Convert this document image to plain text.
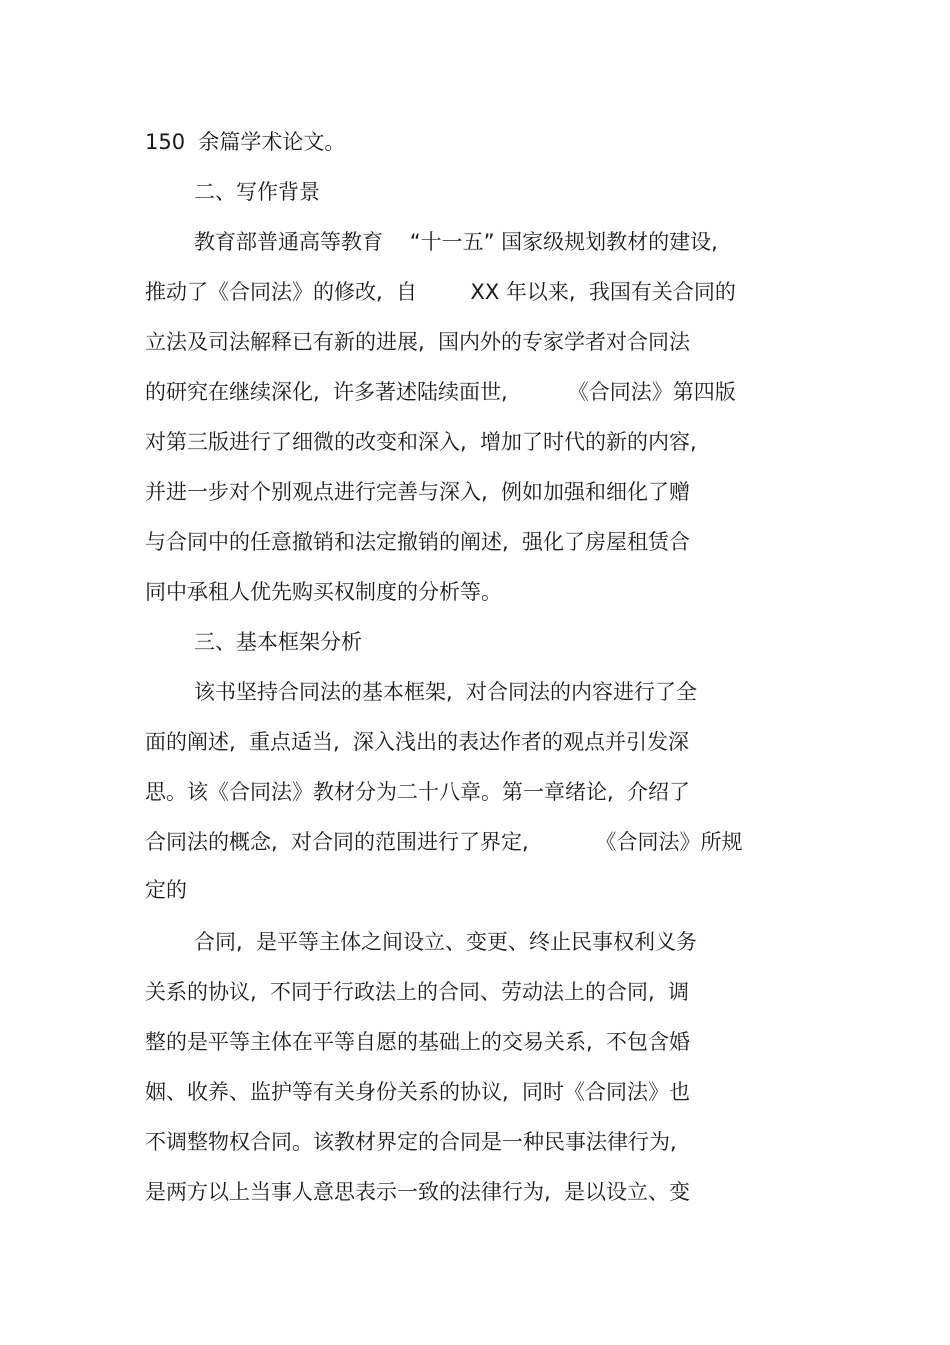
150  余篇学术论文。

二、写作背景

教育部普通高等教育    “十一五” 国家级规划教材的建设,

推动了《合同法》的修改,  自        XX 年以来,  我国有关合同的

立法及司法解释已有新的进展,  国内外的专家学者对合同法

的研究在继续深化,  许多著述陆续面世,         《合同法》第四版

对第三版进行了细微的改变和深入,  增加了时代的新的内容,

并进一步对个别观点进行完善与深入,  例如加强和细化了赠

与合同中的任意撤销和法定撤销的阐述,  强化了房屋租赁合

同中承租人优先购买权制度的分析等。

三、基本框架分析

该书坚持合同法的基本框架,  对合同法的内容进行了全

面的阐述,  重点适当,  深入浅出的表达作者的观点并引发深

思。该《合同法》教材分为二十八章。第一章绪论,  介绍了

合同法的概念,  对合同的范围进行了界定,          《合同法》所规

定的

合同,  是平等主体之间设立、变更、终止民事权利义务

关系的协议,  不同于行政法上的合同、劳动法上的合同,  调

整的是平等主体在平等自愿的基础上的交易关系,  不包含婚

姻、收养、监护等有关身份关系的协议,  同时《合同法》也

不调整物权合同。该教材界定的合同是一种民事法律行为,

是两方以上当事人意思表示一致的法律行为,  是以设立、变
